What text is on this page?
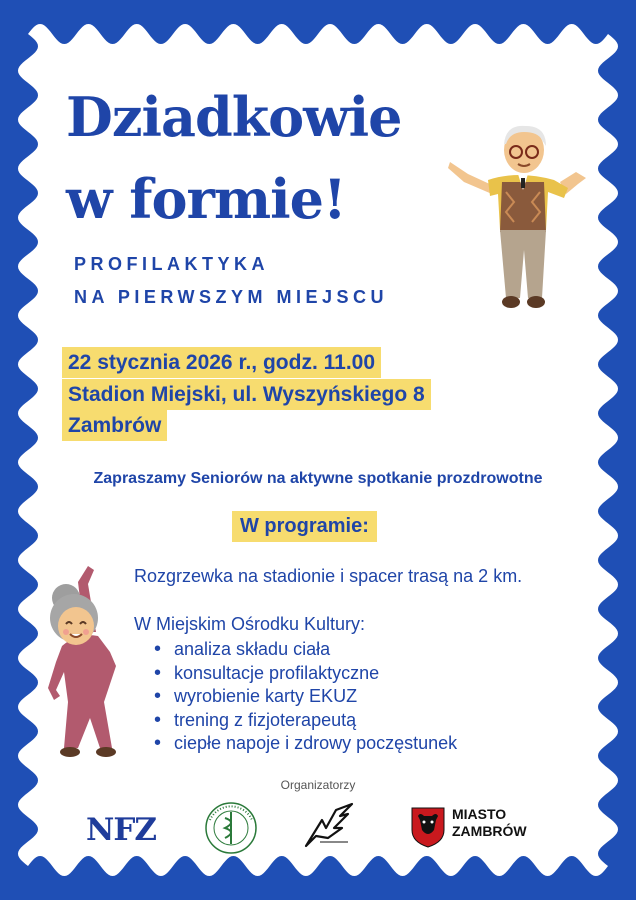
Dziadkowie
w formie!
PROFILAKTYKA
NA PIERWSZYM MIEJSCU
22 stycznia 2026 r., godz. 11.00
Stadion Miejski, ul. Wyszyńskiego 8
Zambrów
Zapraszamy Seniorów na aktywne spotkanie prozdrowotne
W programie:
Rozgrzewka na stadionie i spacer trasą na 2 km.
W Miejskim Ośrodku Kultury:
• analiza składu ciała
• konsultacje profilaktyczne
• wyrobienie karty EKUZ
• trening z fizjoterapeutą
• ciepłe napoje i zdrowy poczęstunek
Organizatorzy
NFZ	MIASTO
ZAMBRÓW
